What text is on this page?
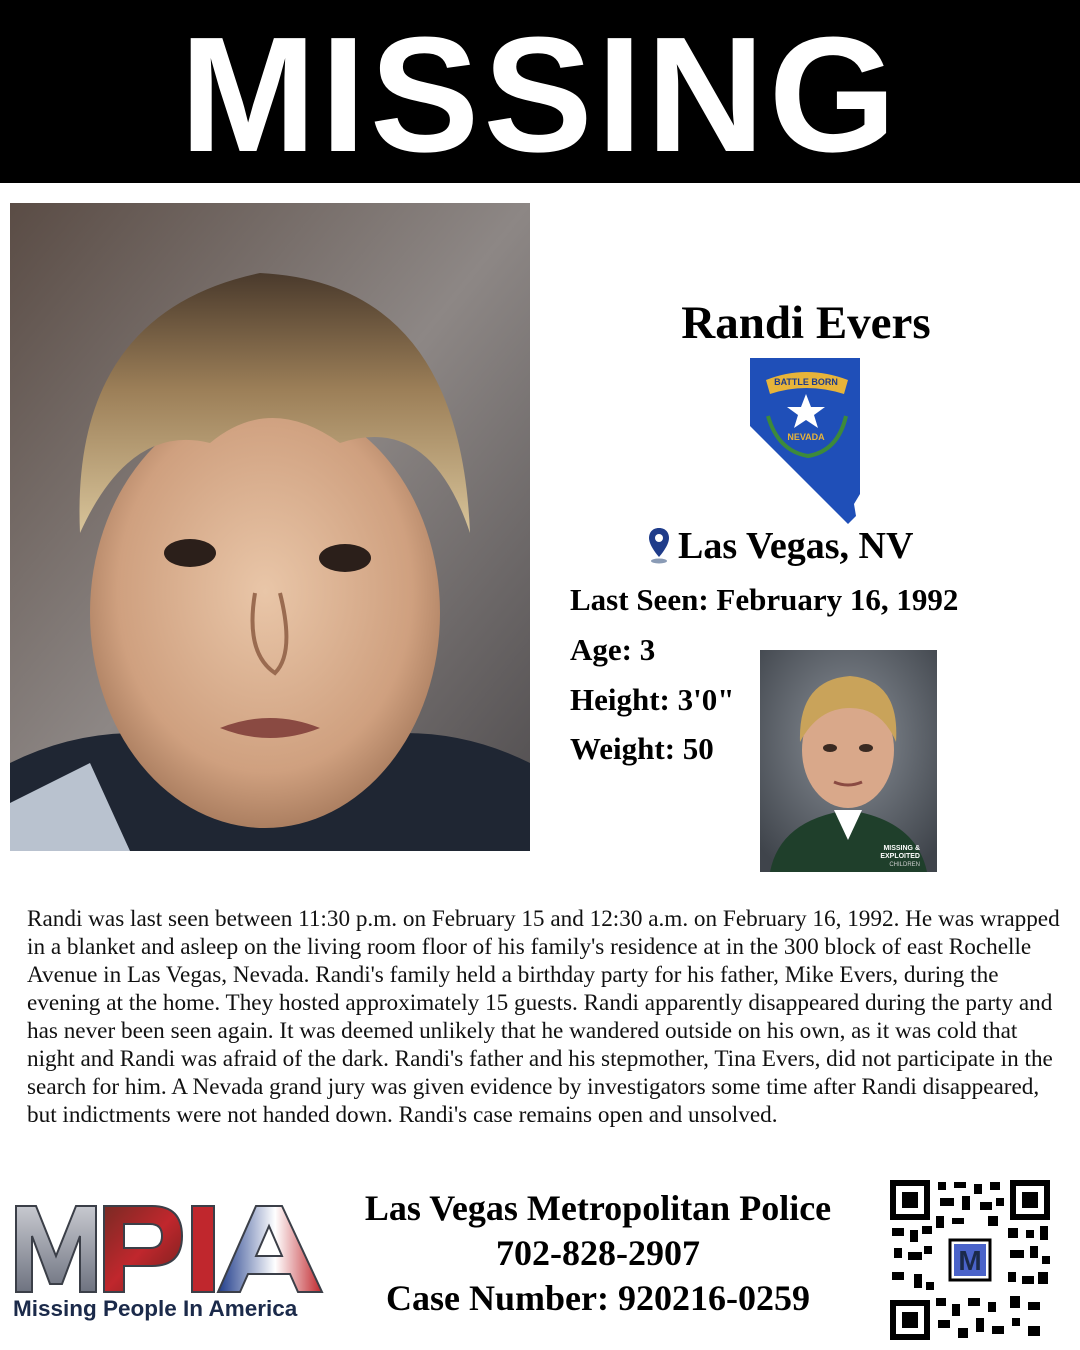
MISSING
Randi Evers
BATTLE BORN
NEVADA
Las Vegas, NV
Last Seen: February 16, 1992
Age: 3
Height: 3'0"
Weight: 50
MISSING &
EXPLOITED
CHILDREN
Randi was last seen between 11:30 p.m. on February 15 and 12:30 a.m. on February 16, 1992. He was wrapped in a blanket and asleep on the living room floor of his family's residence at in the 300 block of east Rochelle Avenue in Las Vegas, Nevada. Randi's family held a birthday party for his father, Mike Evers, during the evening at the home. They hosted approximately 15 guests. Randi apparently disappeared during the party and has never been seen again. It was deemed unlikely that he wandered outside on his own, as it was cold that night and Randi was afraid of the dark. Randi's father and his stepmother, Tina Evers, did not participate in the search for him. A Nevada grand jury was given evidence by investigators some time after Randi disappeared, but indictments were not handed down. Randi's case remains open and unsolved.
Missing People In America
Las Vegas Metropolitan Police
702-828-2907
Case Number: 920216-0259
M
